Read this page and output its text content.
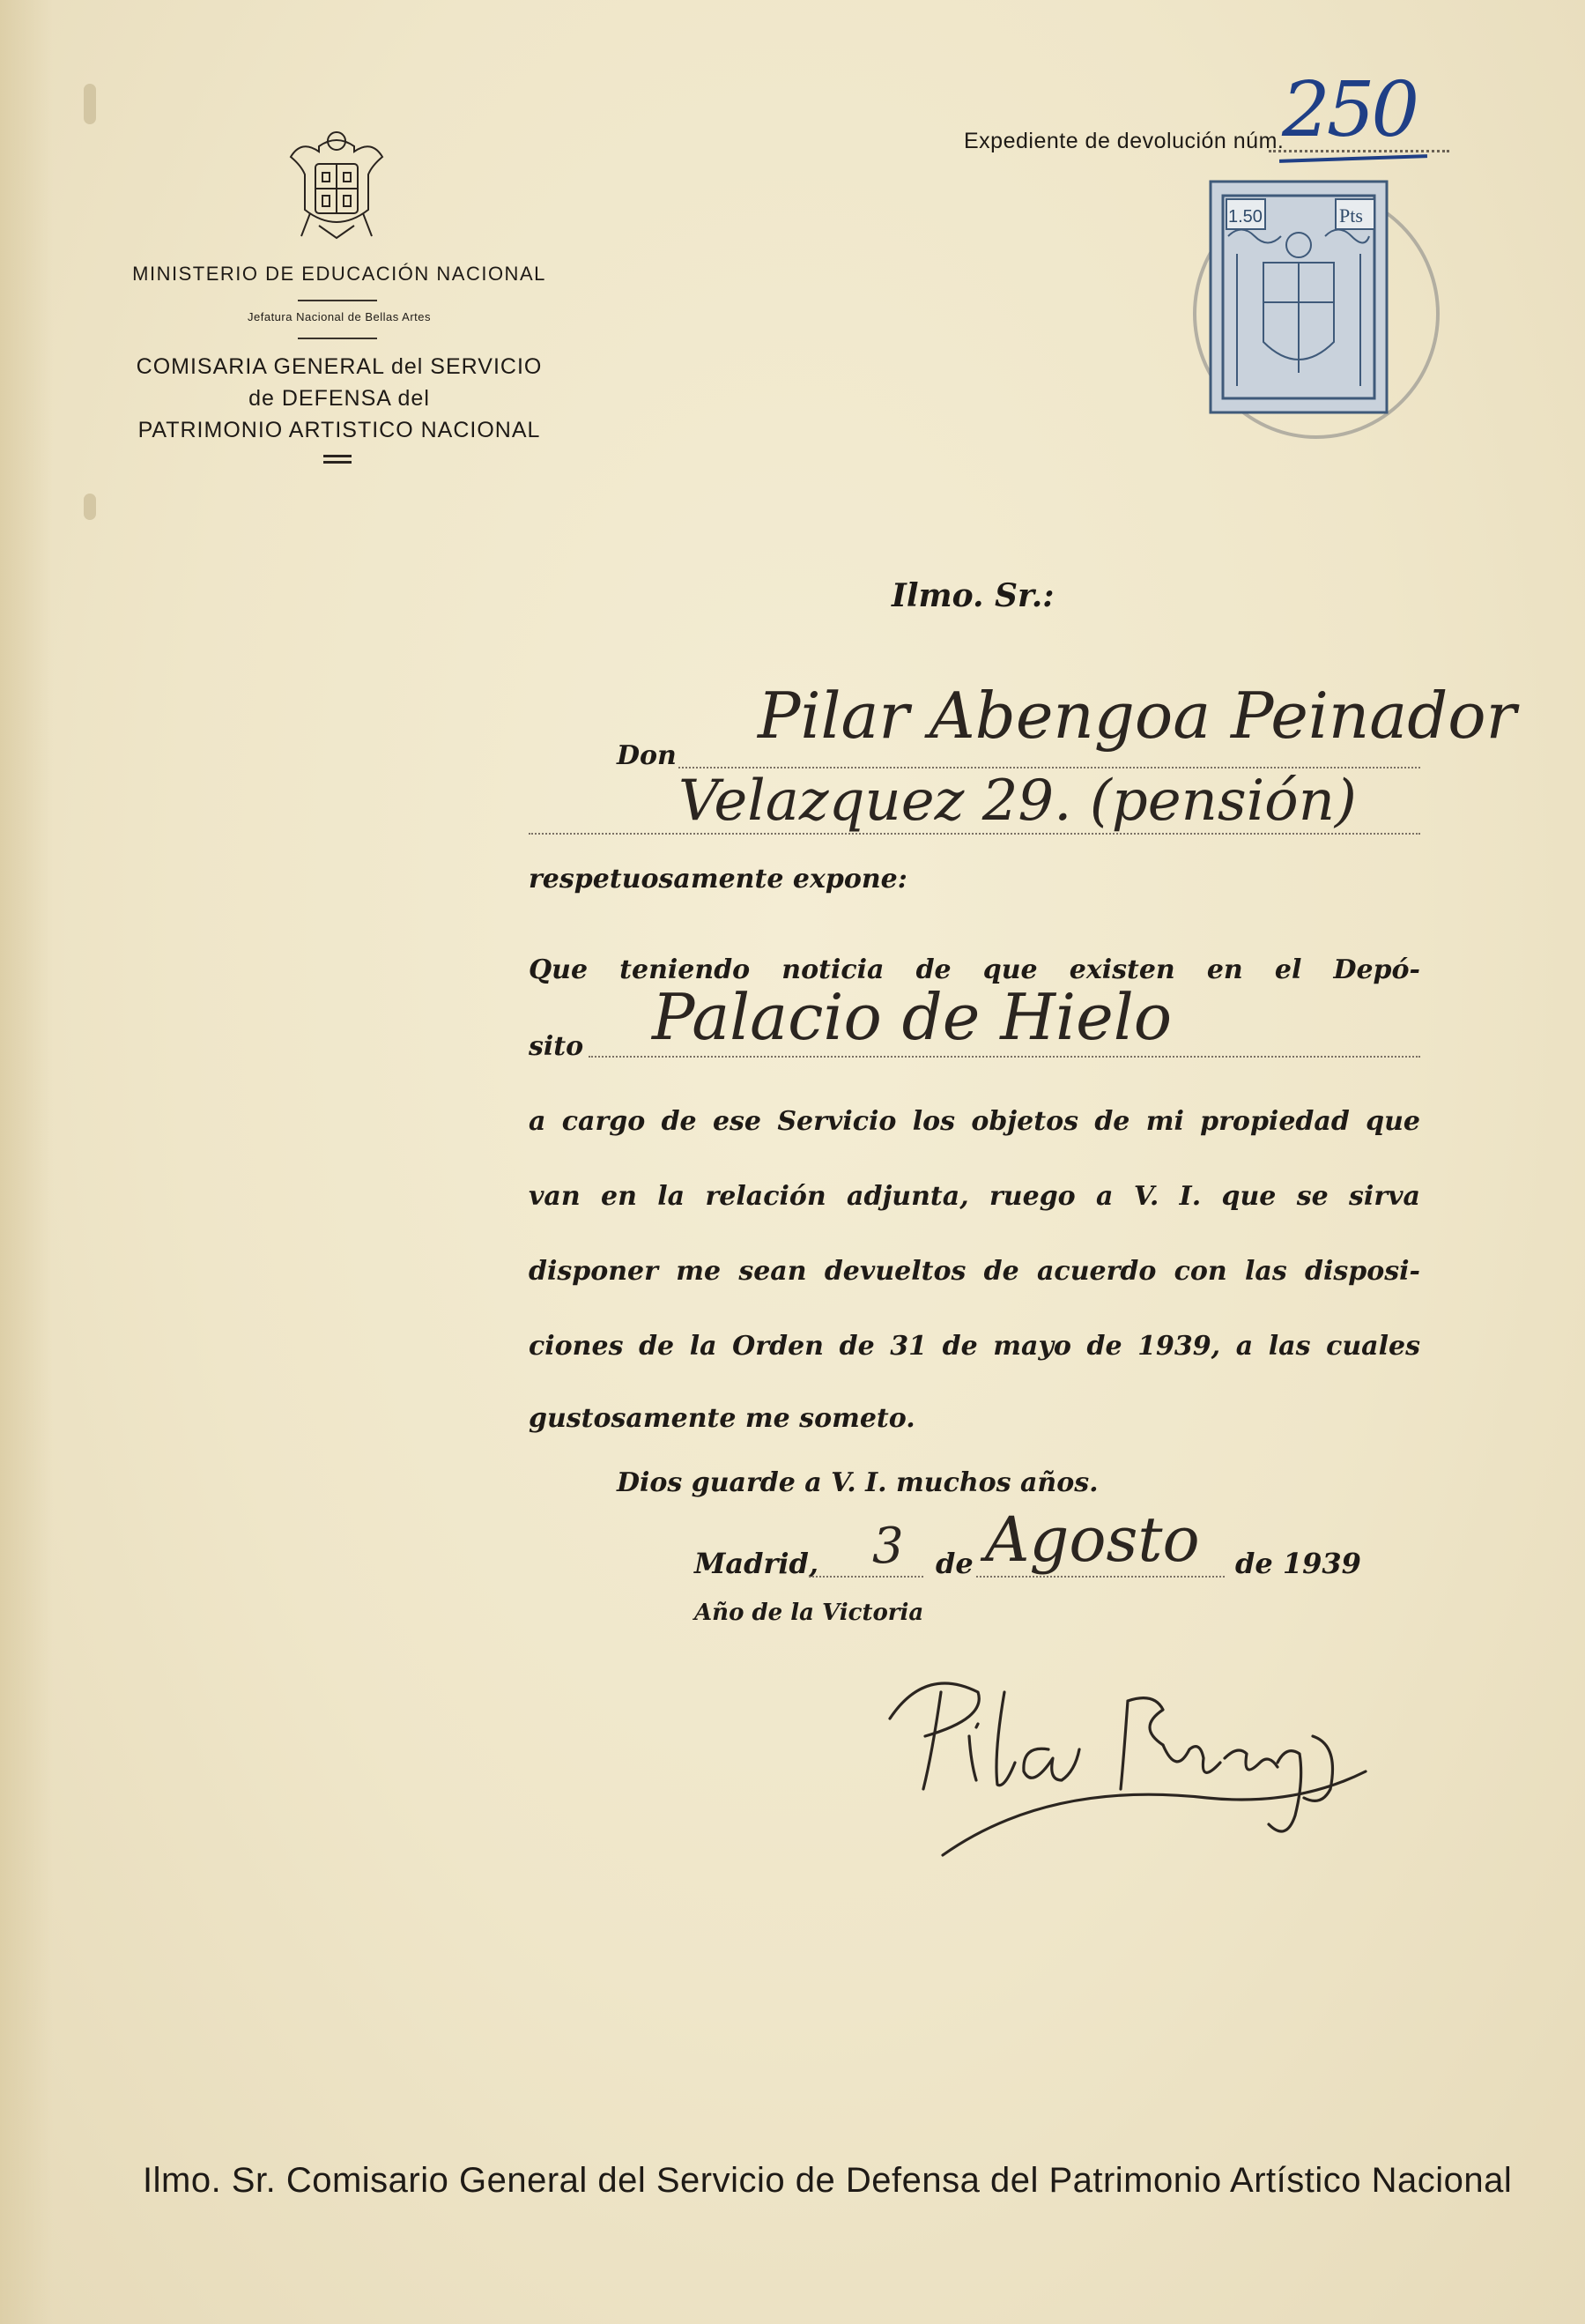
MINISTERIO DE EDUCACIÓN NACIONAL
Jefatura Nacional de Bellas Artes
COMISARIA GENERAL del SERVICIO
de DEFENSA del
PATRIMONIO ARTISTICO NACIONAL
Expediente de devolución núm.
250
1.50	Pts
Ilmo. Sr.:
Don
Pilar Abengoa Peinador
Velazquez 29. (pensión)
respetuosamente expone:
Que teniendo noticia de que existen en el Depó-
sito Palacio de Hielo
a cargo de ese Servicio los objetos de mi propiedad que
van en la relación adjunta, ruego a V. I. que se sirva
disponer me sean devueltos de acuerdo con las disposi-
ciones de la Orden de 31 de mayo de 1939, a las cuales
gustosamente me someto.
Dios guarde a V. I. muchos años.
Madrid, 3 de Agosto de 1939
Año de la Victoria
Ilmo. Sr. Comisario General del Servicio de Defensa del Patrimonio Artístico Nacional
